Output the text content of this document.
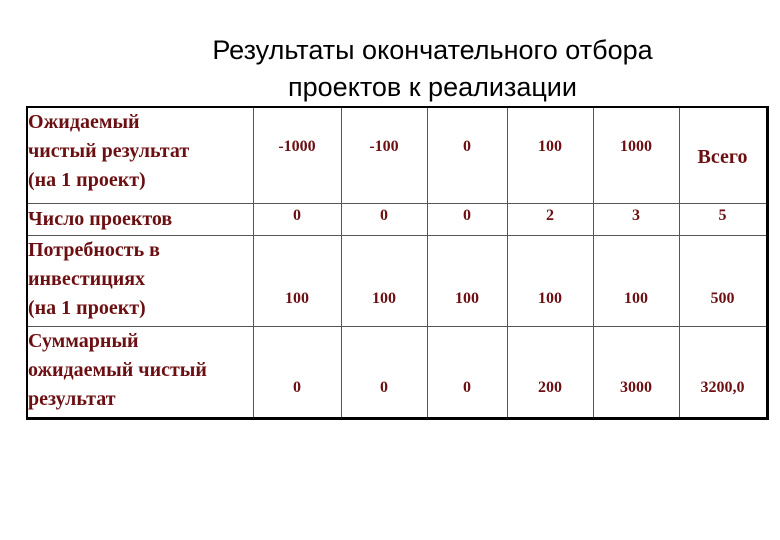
Результаты окончательного отбора
проектов к реализации
Ожидаемый
чистый результат
(на 1 проект)	-1000	-100	0	100	1000	Всего

Число проектов	0	0	0	2	3	5

Потребность в
инвестициях
(на 1 проект)	100	100	100	100	100	500

Суммарный
ожидаемый чистый
результат	0	0	0	200	3000	3200,0
